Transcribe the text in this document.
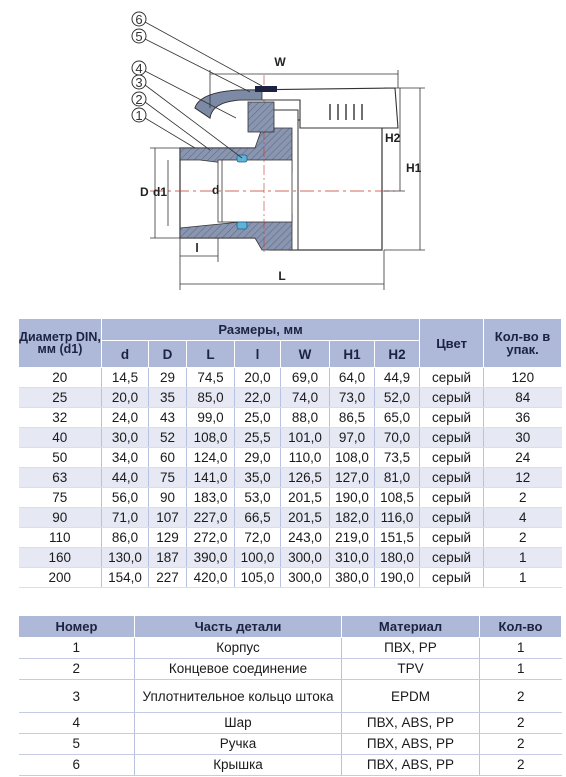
6
5
4
3
2
1
W
H2
H1
D d1	d
l
L
Диаметр DIN, мм (d1)	Размеры, мм							Цвет	Кол-во в упак.
	d	D	L	l	W	H1	H2		
20	14,5	29	74,5	20,0	69,0	64,0	44,9	серый	120
25	20,0	35	85,0	22,0	74,0	73,0	52,0	серый	84
32	24,0	43	99,0	25,0	88,0	86,5	65,0	серый	36
40	30,0	52	108,0	25,5	101,0	97,0	70,0	серый	30
50	34,0	60	124,0	29,0	110,0	108,0	73,5	серый	24
63	44,0	75	141,0	35,0	126,5	127,0	81,0	серый	12
75	56,0	90	183,0	53,0	201,5	190,0	108,5	серый	2
90	71,0	107	227,0	66,5	201,5	182,0	116,0	серый	4
110	86,0	129	272,0	72,0	243,0	219,0	151,5	серый	2
160	130,0	187	390,0	100,0	300,0	310,0	180,0	серый	1
200	154,0	227	420,0	105,0	300,0	380,0	190,0	серый	1
Номер	Часть детали	Материал	Кол-во
1	Корпус	ПВХ, PP	1
2	Концевое соединение	TPV	1
3	Уплотнительное кольцо штока	EPDM	2
4	Шар	ПВХ, ABS, PP	2
5	Ручка	ПВХ, ABS, PP	2
6	Крышка	ПВХ, ABS, PP	2
